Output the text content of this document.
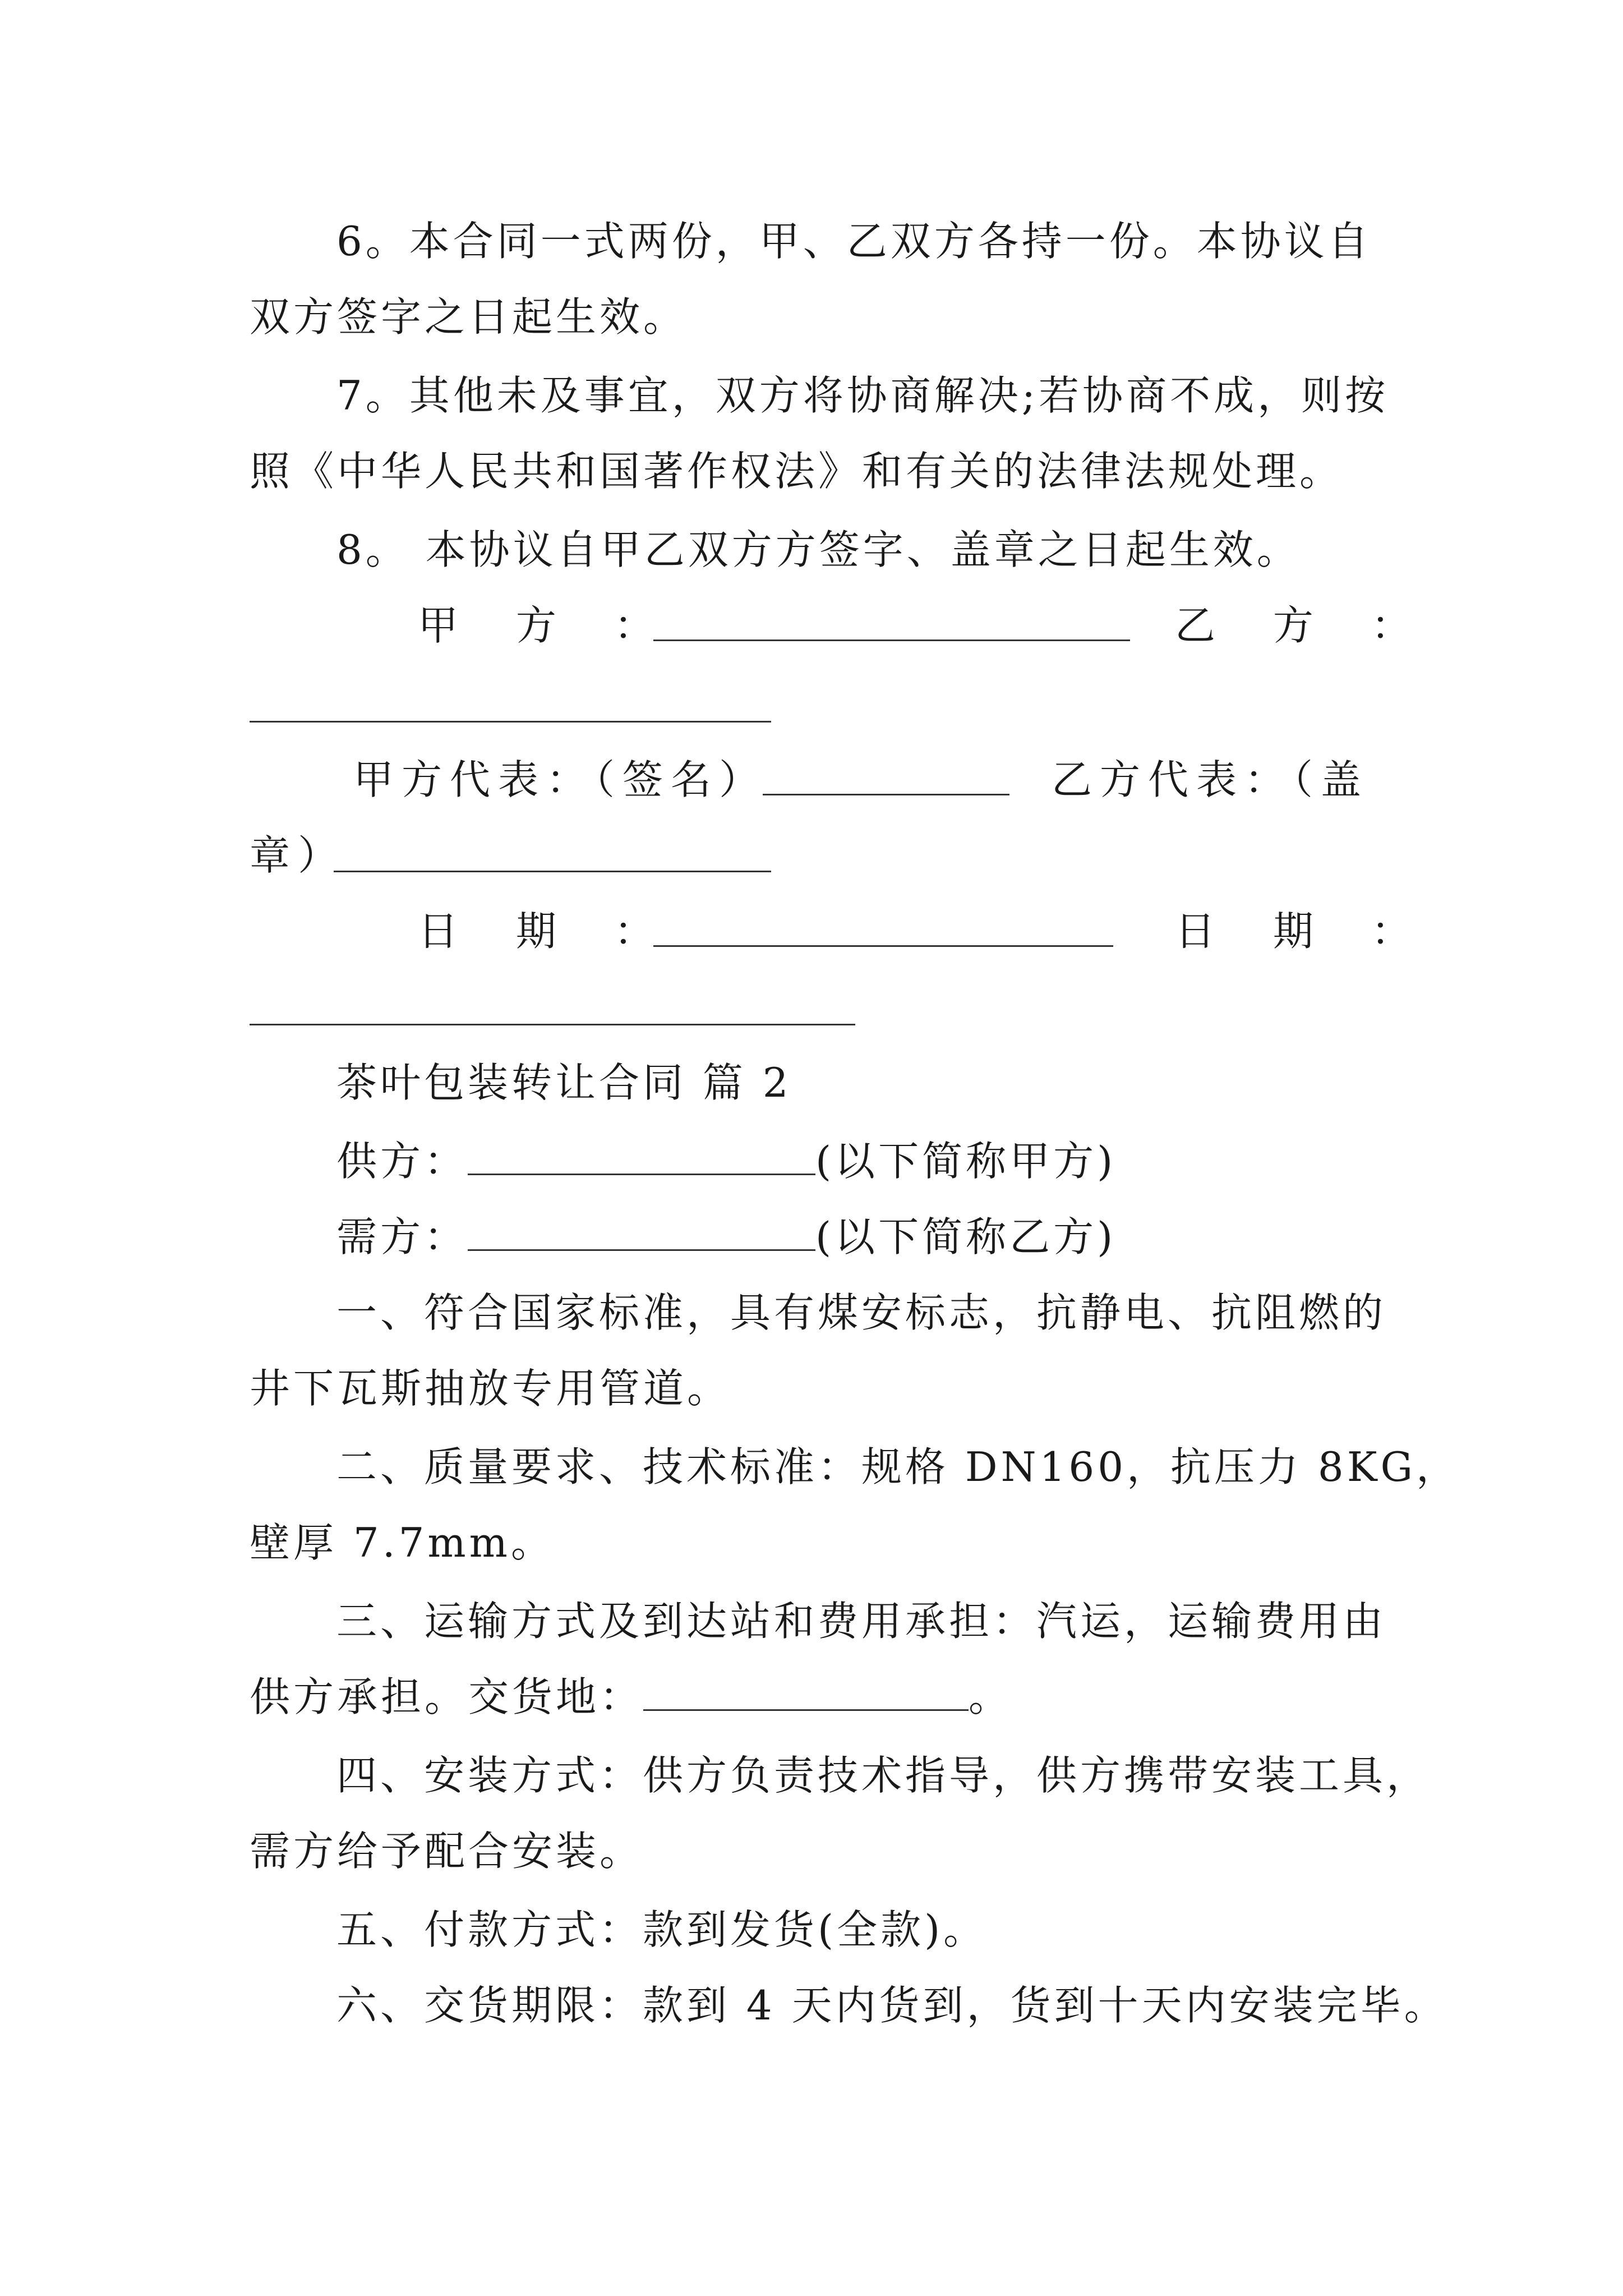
6。本合同一式两份，甲、乙双方各持一份。本协议自
双方签字之日起生效。
7。其他未及事宜，双方将协商解决;若协商不成，则按
照《中华人民共和国著作权法》和有关的法律法规处理。
8。 本协议自甲乙双方方签字、盖章之日起生效。
甲 方 ：	乙 方 ：
甲方代表：（签名）	乙方代表：（盖
章）
日 期 ：	日 期 ：
茶叶包装转让合同 篇 2
供方：	(以下简称甲方)
需方：	(以下简称乙方)
一、符合国家标准，具有煤安标志，抗静电、抗阻燃的
井下瓦斯抽放专用管道。
二、质量要求、技术标准：规格 DN160，抗压力 8KG，
壁厚 7.7mm。
三、运输方式及到达站和费用承担：汽运，运输费用由
供方承担。交货地：	。
四、安装方式：供方负责技术指导，供方携带安装工具，
需方给予配合安装。
五、付款方式：款到发货(全款)。
六、交货期限：款到 4 天内货到，货到十天内安装完毕。
